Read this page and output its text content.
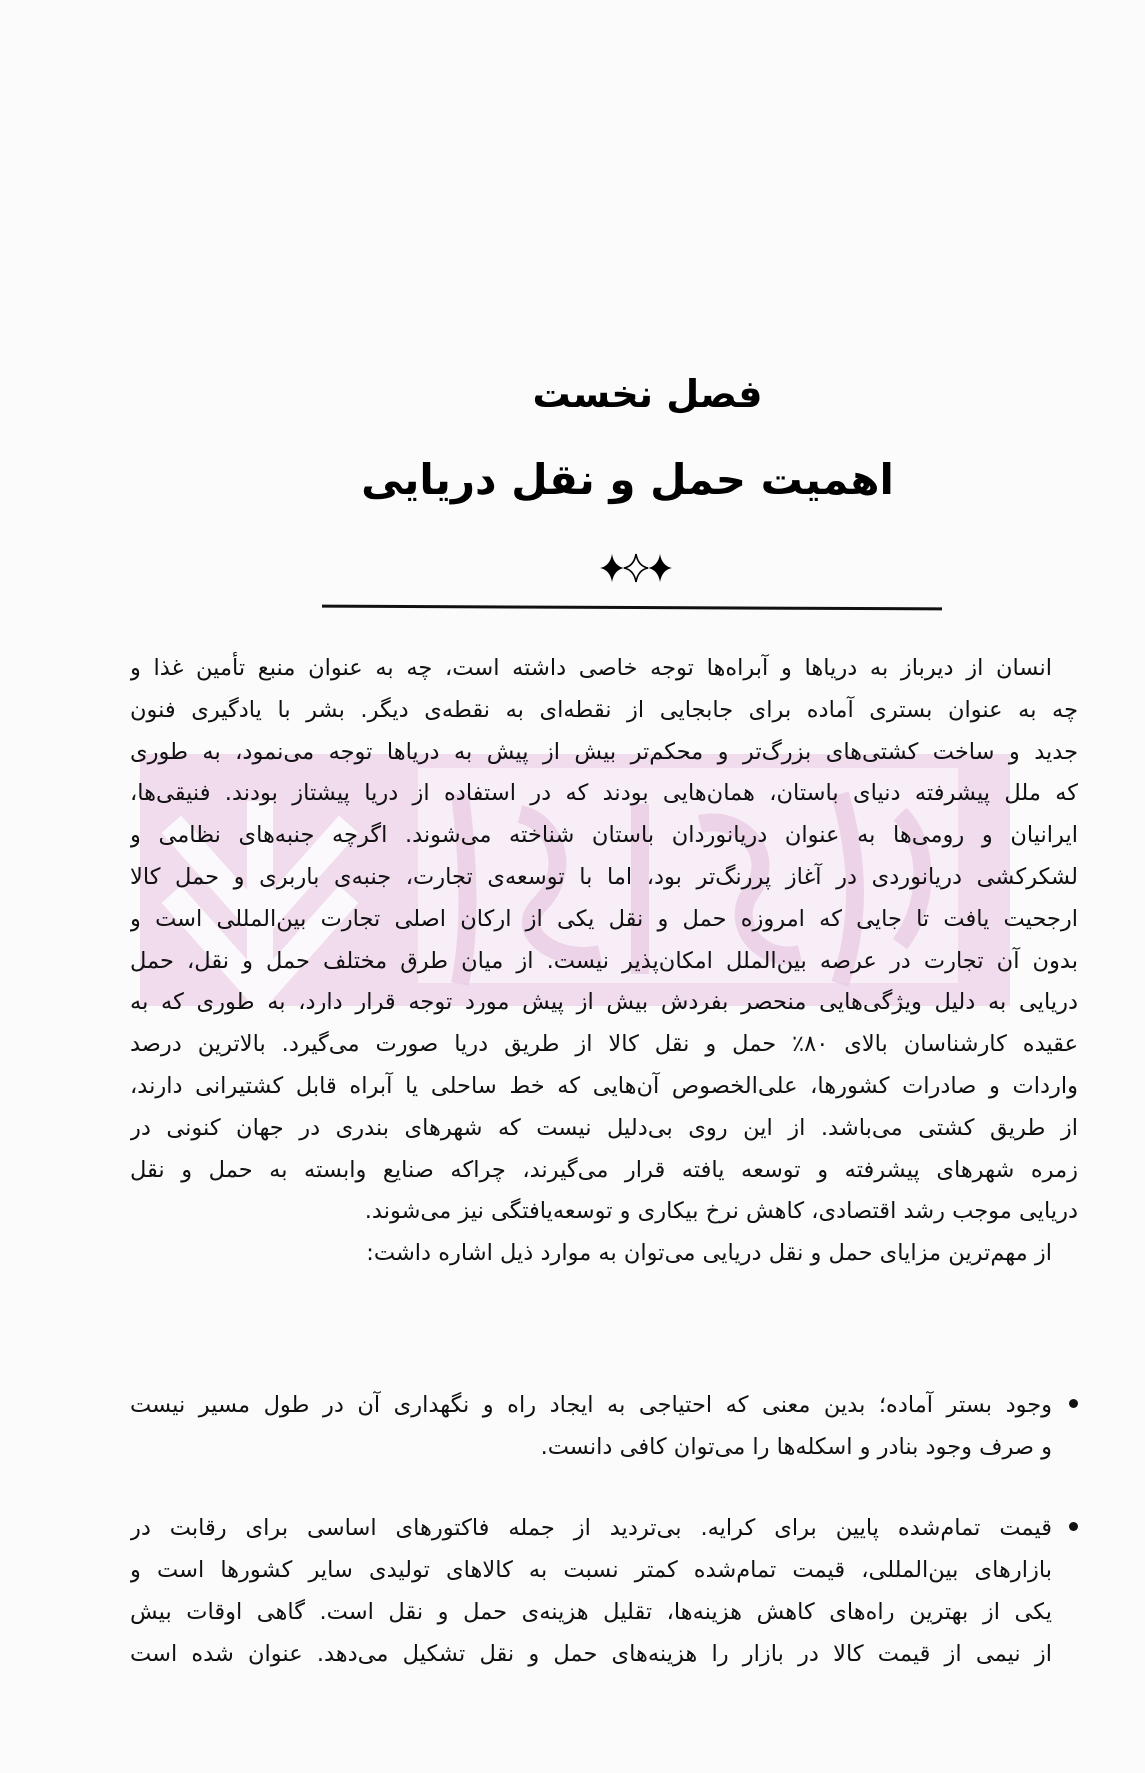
فصل نخست
اهمیت حمل و نقل دریایی
انسان از دیرباز به دریاها و آبراه‌ها توجه خاصی داشته است، چه به عنوان منبع تأمین غذا و
چه به عنوان بستری آماده برای جابجایی از نقطه‌ای به نقطه‌ی دیگر. بشر با یادگیری فنون
جدید و ساخت کشتی‌های بزرگ‌تر و محکم‌تر بیش از پیش به دریاها توجه می‌نمود، به طوری
که ملل پیشرفته دنیای باستان، همان‌هایی بودند که در استفاده از دریا پیشتاز بودند. فنیقی‌ها،
ایرانیان و رومی‌ها به عنوان دریانوردان باستان شناخته می‌شوند. اگرچه جنبه‌های نظامی و
لشکرکشی دریانوردی در آغاز پررنگ‌تر بود، اما با توسعه‌ی تجارت، جنبه‌ی باربری و حمل کالا
ارجحیت یافت تا جایی که امروزه حمل و نقل یکی از ارکان اصلی تجارت بین‌المللی است و
بدون آن تجارت در عرصه بین‌الملل امکان‌پذیر نیست. از میان طرق مختلف حمل و نقل، حمل
دریایی به دلیل ویژگی‌هایی منحصر بفردش بیش از پیش مورد توجه قرار دارد، به طوری که به
عقیده کارشناسان بالای ۸۰٪ حمل و نقل کالا از طریق دریا صورت می‌گیرد. بالاترین درصد
واردات و صادرات کشورها، علی‌الخصوص آن‌هایی که خط ساحلی یا آبراه قابل کشتیرانی دارند،
از طریق کشتی می‌باشد. از این روی بی‌دلیل نیست که شهرهای بندری در جهان کنونی در
زمره شهرهای پیشرفته و توسعه یافته قرار می‌گیرند، چراکه صنایع وابسته به حمل و نقل
دریایی موجب رشد اقتصادی، کاهش نرخ بیکاری و توسعه‌یافتگی نیز می‌شوند.
از مهم‌ترین مزایای حمل و نقل دریایی می‌توان به موارد ذیل اشاره داشت:
وجود بستر آماده؛ بدین معنی که احتیاجی به ایجاد راه و نگهداری آن در طول مسیر نیست
و صرف وجود بنادر و اسکله‌ها را می‌توان کافی دانست.
قیمت تمام‌شده پایین برای کرایه. بی‌تردید از جمله فاکتورهای اساسی برای رقابت در
بازارهای بین‌المللی، قیمت تمام‌شده کمتر نسبت به کالاهای تولیدی سایر کشورها است و
یکی از بهترین راه‌های کاهش هزینه‌ها، تقلیل هزینه‌ی حمل و نقل است. گاهی اوقات بیش
از نیمی از قیمت کالا در بازار را هزینه‌های حمل و نقل تشکیل می‌دهد. عنوان شده است
